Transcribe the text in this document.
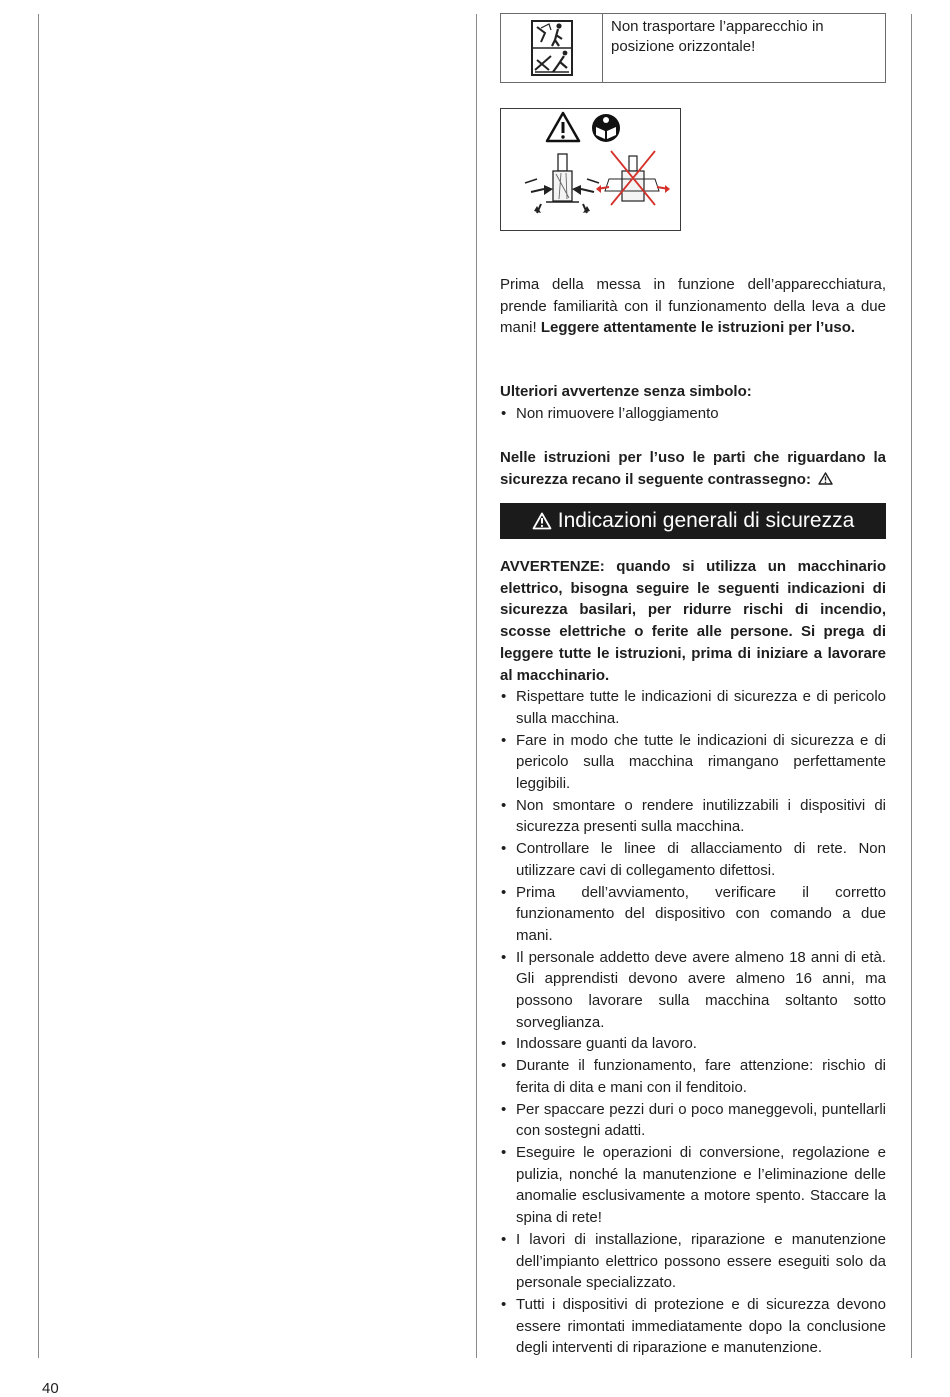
Non trasportare l’apparecchio in posizione orizzontale!
Prima della messa in funzione dell’apparecchiatura, prende familiarità con il funzionamento della leva a due mani! Leggere attentamente le istruzioni per l’uso.
Ulteriori avvertenze senza simbolo:
• Non rimuovere l’alloggiamento
Nelle istruzioni per l’uso le parti che riguardano la sicurezza recano il seguente contrassegno:
Indicazioni generali di sicurezza
AVVERTENZE: quando si utilizza un macchinario elettrico, bisogna seguire le seguenti indicazioni di sicurezza basilari, per ridurre rischi di incendio, scosse elettriche o ferite alle persone. Si prega di leggere tutte le istruzioni, prima di iniziare a lavorare al macchinario.
• Rispettare tutte le indicazioni di sicurezza e di pericolo sulla macchina.
• Fare in modo che tutte le indicazioni di sicurezza e di pericolo sulla macchina rimangano perfettamente leggibili.
• Non smontare o rendere inutilizzabili i dispositivi di sicurezza presenti sulla macchina.
• Controllare le linee di allacciamento di rete. Non utilizzare cavi di collegamento difettosi.
• Prima dell’avviamento, verificare il corretto funzionamento del dispositivo con comando a due mani.
• Il personale addetto deve avere almeno 18 anni di età. Gli apprendisti devono avere almeno 16 anni, ma possono lavorare sulla macchina soltanto sotto sorveglianza.
• Indossare guanti da lavoro.
• Durante il funzionamento, fare attenzione: rischio di ferita di dita e mani con il fenditoio.
• Per spaccare pezzi duri o poco maneggevoli, puntellarli con sostegni adatti.
• Eseguire le operazioni di conversione, regolazione e pulizia, nonché la manutenzione e l’eliminazione delle anomalie esclusivamente a motore spento. Staccare la spina di rete!
• I lavori di installazione, riparazione e manutenzione dell’impianto elettrico possono essere eseguiti solo da personale specializzato.
• Tutti i dispositivi di protezione e di sicurezza devono essere rimontati immediatamente dopo la conclusione degli interventi di riparazione e manutenzione.
40
